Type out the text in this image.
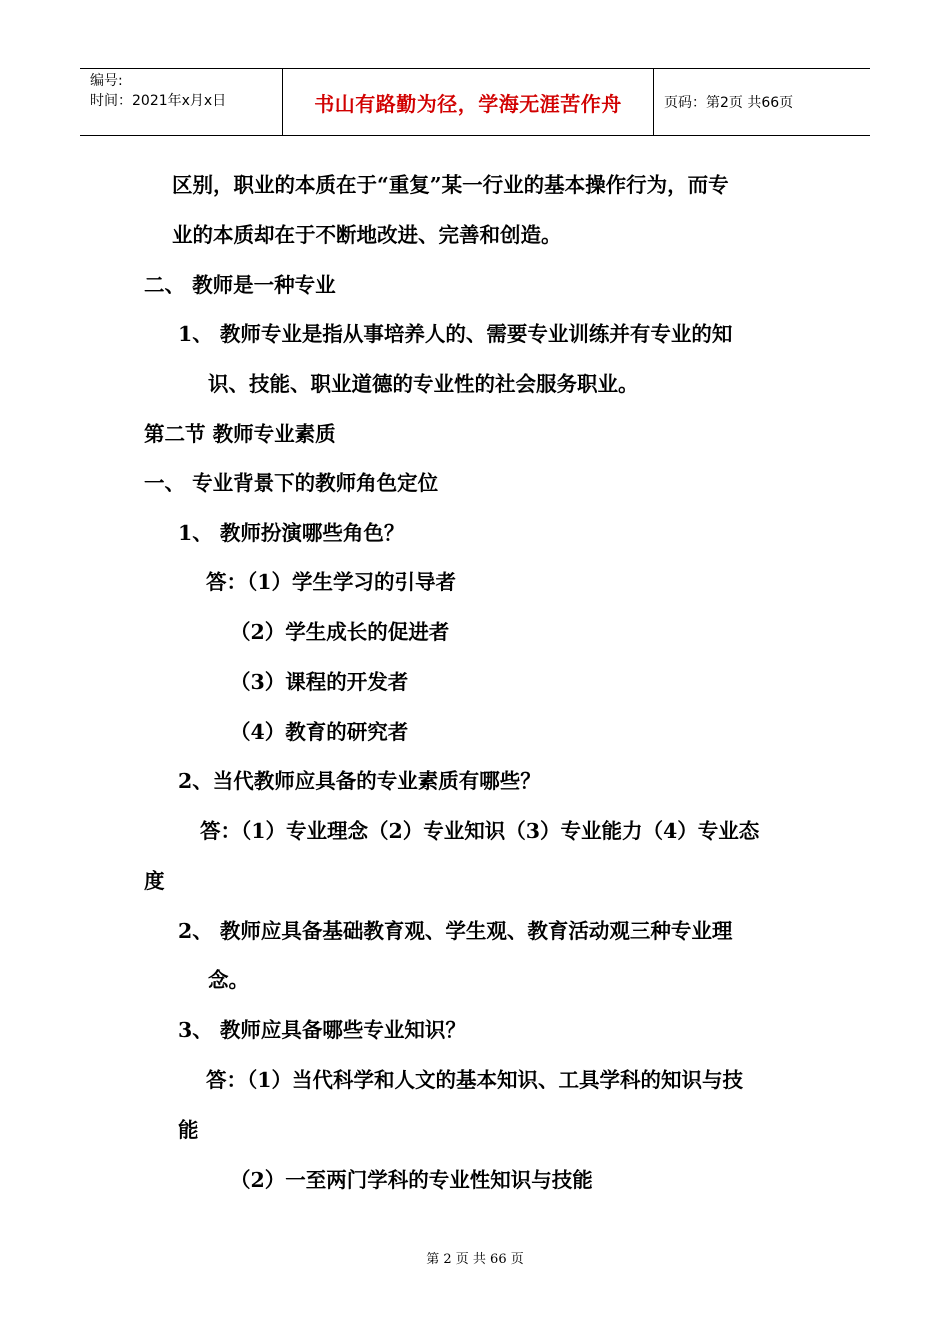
编号:
时间：2021年x月x日	书山有路勤为径，学海无涯苦作舟	页码：第2页 共66页
区别，职业的本质在于“重复”某一行业的基本操作行为，而专
业的本质却在于不断地改进、完善和创造。
二、 教师是一种专业
1、 教师专业是指从事培养人的、需要专业训练并有专业的知
识、技能、职业道德的专业性的社会服务职业。
第二节 教师专业素质
一、 专业背景下的教师角色定位
1、 教师扮演哪些角色？
答：（1）学生学习的引导者
（2）学生成长的促进者
（3）课程的开发者
（4）教育的研究者
2、当代教师应具备的专业素质有哪些？
答：（1）专业理念（2）专业知识（3）专业能力（4）专业态
度
2、 教师应具备基础教育观、学生观、教育活动观三种专业理
念。
3、 教师应具备哪些专业知识？
答：（1）当代科学和人文的基本知识、工具学科的知识与技
能
（2）一至两门学科的专业性知识与技能
第 2 页 共 66 页
